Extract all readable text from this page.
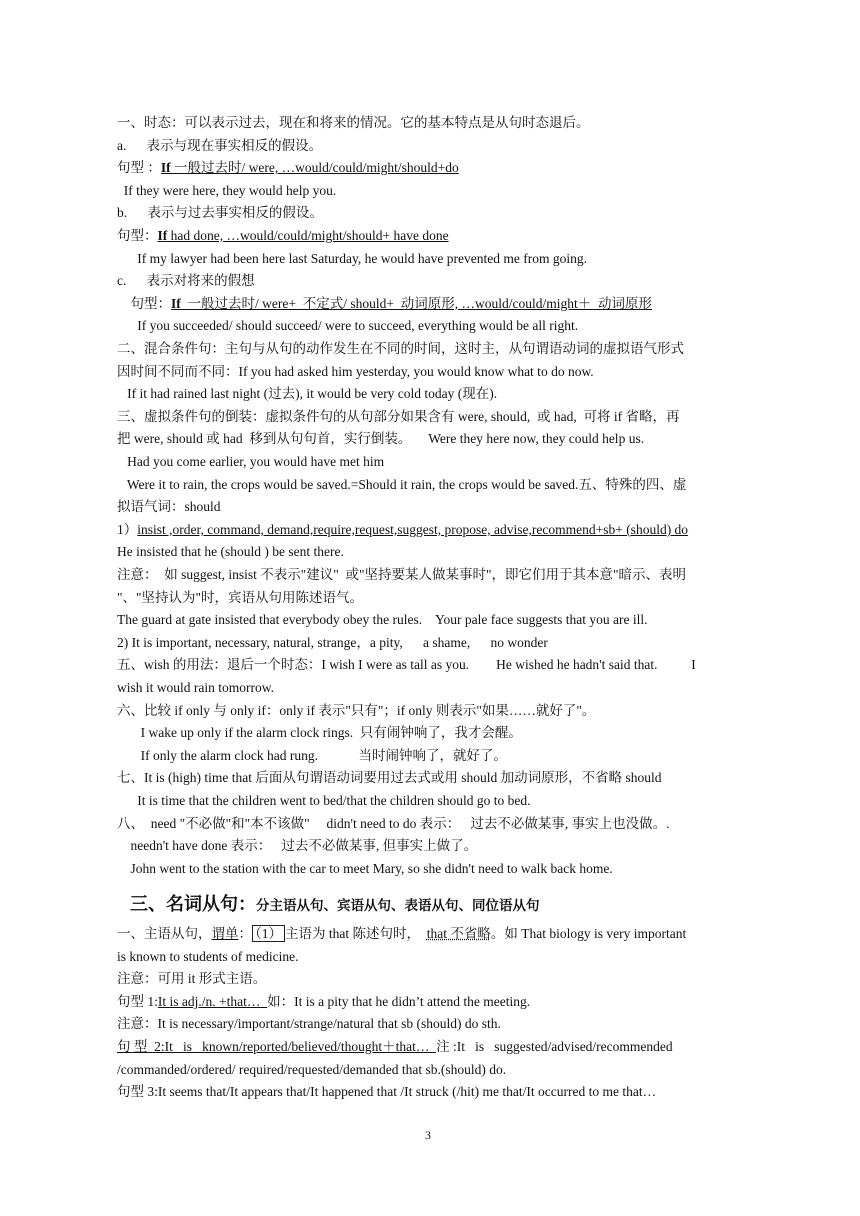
一、时态：可以表示过去，现在和将来的情况。它的基本特点是从句时态退后。
a.      表示与现在事实相反的假设。
句型 ：If 一般过去时/ were, …would/could/might/should+do
If they were here, they would help you.
b.      表示与过去事实相反的假设。
句型：If had done, …would/could/might/should+ have done
If my lawyer had been here last Saturday, he would have prevented me from going.
c.      表示对将来的假想
句型：If  一般过去时/ were+  不定式/ should+  动词原形, …would/could/might＋  动词原形
If you succeeded/ should succeed/ were to succeed, everything would be all right.
二、混合条件句：主句与从句的动作发生在不同的时间，这时主，从句谓语动词的虚拟语气形式
因时间不同而不同：If you had asked him yesterday, you would know what to do now.
If it had rained last night (过去), it would be very cold today (现在).
三、虚拟条件句的倒装：虚拟条件句的从句部分如果含有 were, should,  或 had,  可将 if 省略，再
把 were, should 或 had  移到从句句首，实行倒装。     Were they here now, they could help us.
Had you come earlier, you would have met him
Were it to rain, the crops would be saved.=Should it rain, the crops would be saved.五、特殊的四、虚
拟语气词：should
1）insist ,order, command, demand,require,request,suggest, propose, advise,recommend+sb+ (should) do
He insisted that he (should ) be sent there.
注意：  如 suggest, insist 不表示"建议"  或"坚持要某人做某事时"，即它们用于其本意"暗示、表明
"、"坚持认为"时，宾语从句用陈述语气。
The guard at gate insisted that everybody obey the rules.    Your pale face suggests that you are ill.
2) It is important, necessary, natural, strange，a pity,      a shame,      no wonder
五、wish 的用法：退后一个时态：I wish I were as tall as you.        He wished he hadn't said that.          I
wish it would rain tomorrow.
六、比较 if only 与 only if：only if 表示"只有"；if only 则表示"如果……就好了"。
I wake up only if the alarm clock rings.  只有闹钟响了，我才会醒。
If only the alarm clock had rung.            当时闹钟响了，就好了。
七、It is (high) time that 后面从句谓语动词要用过去式或用 should 加动词原形，不省略 should
It is time that the children went to bed/that the children should go to bed.
八、  need "不必做"和"本不该做"     didn't need to do 表示：   过去不必做某事, 事实上也没做。.
needn't have done 表示：   过去不必做某事, 但事实上做了。
John went to the station with the car to meet Mary, so she didn't need to walk back home.
三、名词从句：分主语从句、宾语从句、表语从句、同位语从句
一、主语从句，谓单： （1） 主语为 that 陈述句时，  that 不省略。如 That biology is very important
is known to students of medicine.
注意：可用 it 形式主语。
句型 1:It is adj./n. +that…  如：It is a pity that he didn’t attend the meeting.
注意：It is necessary/important/strange/natural that sb (should) do sth.
句 型  2:It   is   known/reported/believed/thought＋that…  注 :It   is   suggested/advised/recommended
/commanded/ordered/ required/requested/demanded that sb.(should) do.
句型 3:It seems that/It appears that/It happened that /It struck (/hit) me that/It occurred to me that…
3
